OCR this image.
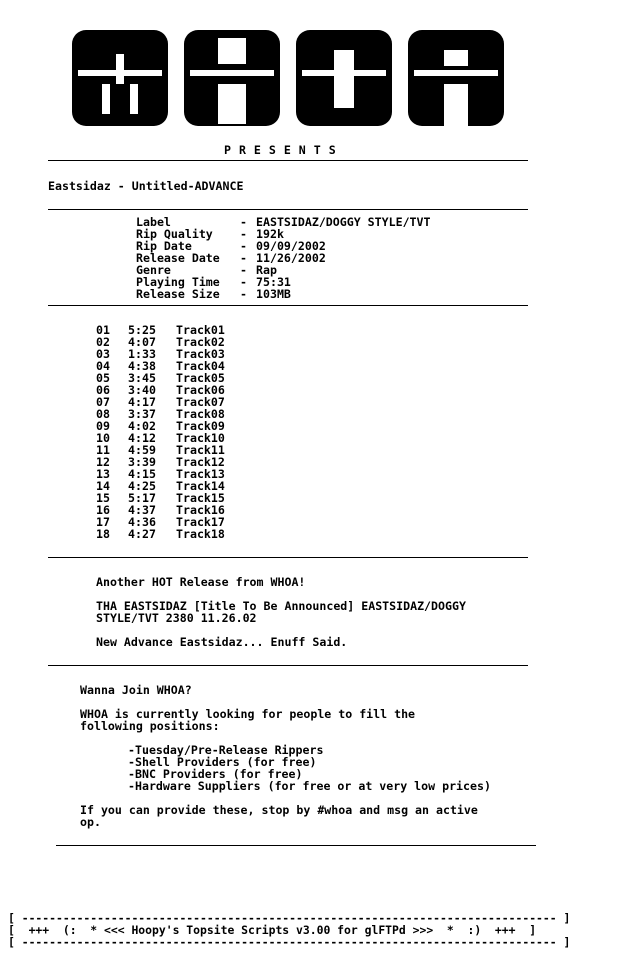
P R E S E N T S
Eastsidaz - Untitled-ADVANCE
Label	- EASTSIDAZ/DOGGY STYLE/TVT
Rip Quality - 192k
Rip Date	- 09/09/2002
Release Date - 11/26/2002
Genre	- Rap
Playing Time - 75:31
Release Size - 103MB
01 5:25 Track01
02 4:07 Track02
03 1:33 Track03
04 4:38 Track04
05 3:45 Track05
06 3:40 Track06
07 4:17 Track07
08 3:37 Track08
09 4:02 Track09
10 4:12 Track10
11 4:59 Track11
12 3:39 Track12
13 4:15 Track13
14 4:25 Track14
15 5:17 Track15
16 4:37 Track16
17 4:36 Track17
18 4:27 Track18
Another HOT Release from WHOA!
THA EASTSIDAZ [Title To Be Announced] EASTSIDAZ/DOGGY
STYLE/TVT 2380 11.26.02
New Advance Eastsidaz... Enuff Said.
Wanna Join WHOA?
WHOA is currently looking for people to fill the
following positions:
-Tuesday/Pre-Release Rippers
-Shell Providers (for free)
-BNC Providers (for free)
-Hardware Suppliers (for free or at very low prices)
If you can provide these, stop by #whoa and msg an active
op.
[ ------------------------------------------------------------------------------ ]
[  +++  (:  * <<< Hoopy's Topsite Scripts v3.00 for glFTPd >>>  *  :)  +++  ]
[ ------------------------------------------------------------------------------ ]
